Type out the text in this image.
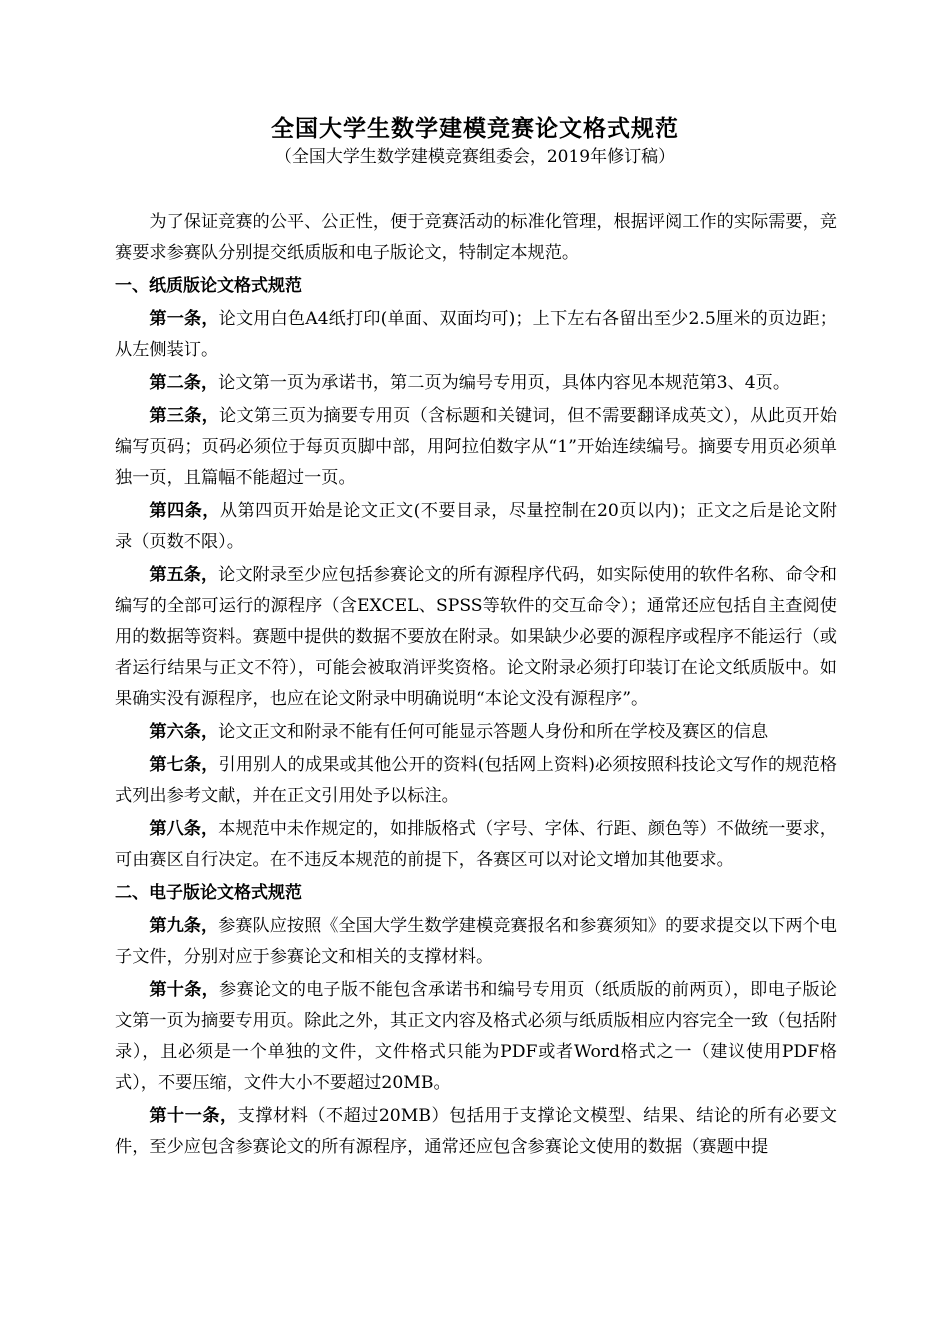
全国大学生数学建模竞赛论文格式规范
（全国大学生数学建模竞赛组委会，2019年修订稿）

为了保证竞赛的公平、公正性，便于竞赛活动的标准化管理，根据评阅工作的实际需要，竞赛要求参赛队分别提交纸质版和电子版论文，特制定本规范。

一、纸质版论文格式规范

第一条，论文用白色A4纸打印(单面、双面均可)；上下左右各留出至少2.5厘米的页边距；从左侧装订。

第二条，论文第一页为承诺书，第二页为编号专用页，具体内容见本规范第3、4页。

第三条，论文第三页为摘要专用页（含标题和关键词，但不需要翻译成英文），从此页开始编写页码；页码必须位于每页页脚中部，用阿拉伯数字从“1”开始连续编号。摘要专用页必须单独一页，且篇幅不能超过一页。

第四条，从第四页开始是论文正文(不要目录，尽量控制在20页以内)；正文之后是论文附录（页数不限）。

第五条，论文附录至少应包括参赛论文的所有源程序代码，如实际使用的软件名称、命令和编写的全部可运行的源程序（含EXCEL、SPSS等软件的交互命令）；通常还应包括自主查阅使用的数据等资料。赛题中提供的数据不要放在附录。如果缺少必要的源程序或程序不能运行（或者运行结果与正文不符），可能会被取消评奖资格。论文附录必须打印装订在论文纸质版中。如果确实没有源程序，也应在论文附录中明确说明“本论文没有源程序”。

第六条，论文正文和附录不能有任何可能显示答题人身份和所在学校及赛区的信息

第七条，引用别人的成果或其他公开的资料(包括网上资料)必须按照科技论文写作的规范格式列出参考文献，并在正文引用处予以标注。

第八条，本规范中未作规定的，如排版格式（字号、字体、行距、颜色等）不做统一要求，可由赛区自行决定。在不违反本规范的前提下，各赛区可以对论文增加其他要求。

二、电子版论文格式规范

第九条，参赛队应按照《全国大学生数学建模竞赛报名和参赛须知》的要求提交以下两个电子文件，分别对应于参赛论文和相关的支撑材料。

第十条，参赛论文的电子版不能包含承诺书和编号专用页（纸质版的前两页），即电子版论文第一页为摘要专用页。除此之外，其正文内容及格式必须与纸质版相应内容完全一致（包括附录），且必须是一个单独的文件，文件格式只能为PDF或者Word格式之一（建议使用PDF格式），不要压缩，文件大小不要超过20MB。

第十一条，支撑材料（不超过20MB）包括用于支撑论文模型、结果、结论的所有必要文件，至少应包含参赛论文的所有源程序，通常还应包含参赛论文使用的数据（赛题中提
